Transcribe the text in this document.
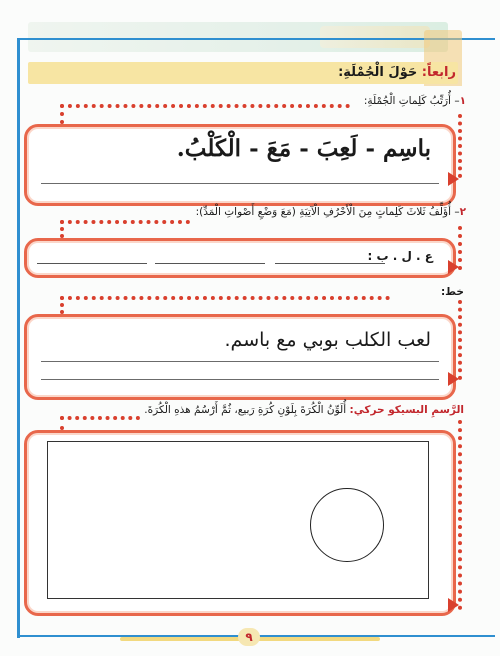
رابعاً: حَوْلَ الْجُمْلَةِ:
١– أُرَتِّبُ كَلِماتِ الْجُمْلَةِ:
باسِم - لَعِبَ - مَعَ - الْكَلْبُ.
٢– أُؤَلِّفُ ثَلاثَ كَلِماتٍ مِنَ الْأَحْرُفِ الْآتِيَةِ (مَعَ وَضْعِ أَصْواتِ الْمَدِّ):
ع . ل . ب :
خط:
لعب الكلب بوبي مع باسم.
الرَّسمِ البسيكو حركي: أُلَوِّنُ الْكُرَةَ بِلَوْنِ كُرَةِ رَبيع، ثُمَّ أَرْسُمُ هذهِ الْكُرَةَ.
٩
